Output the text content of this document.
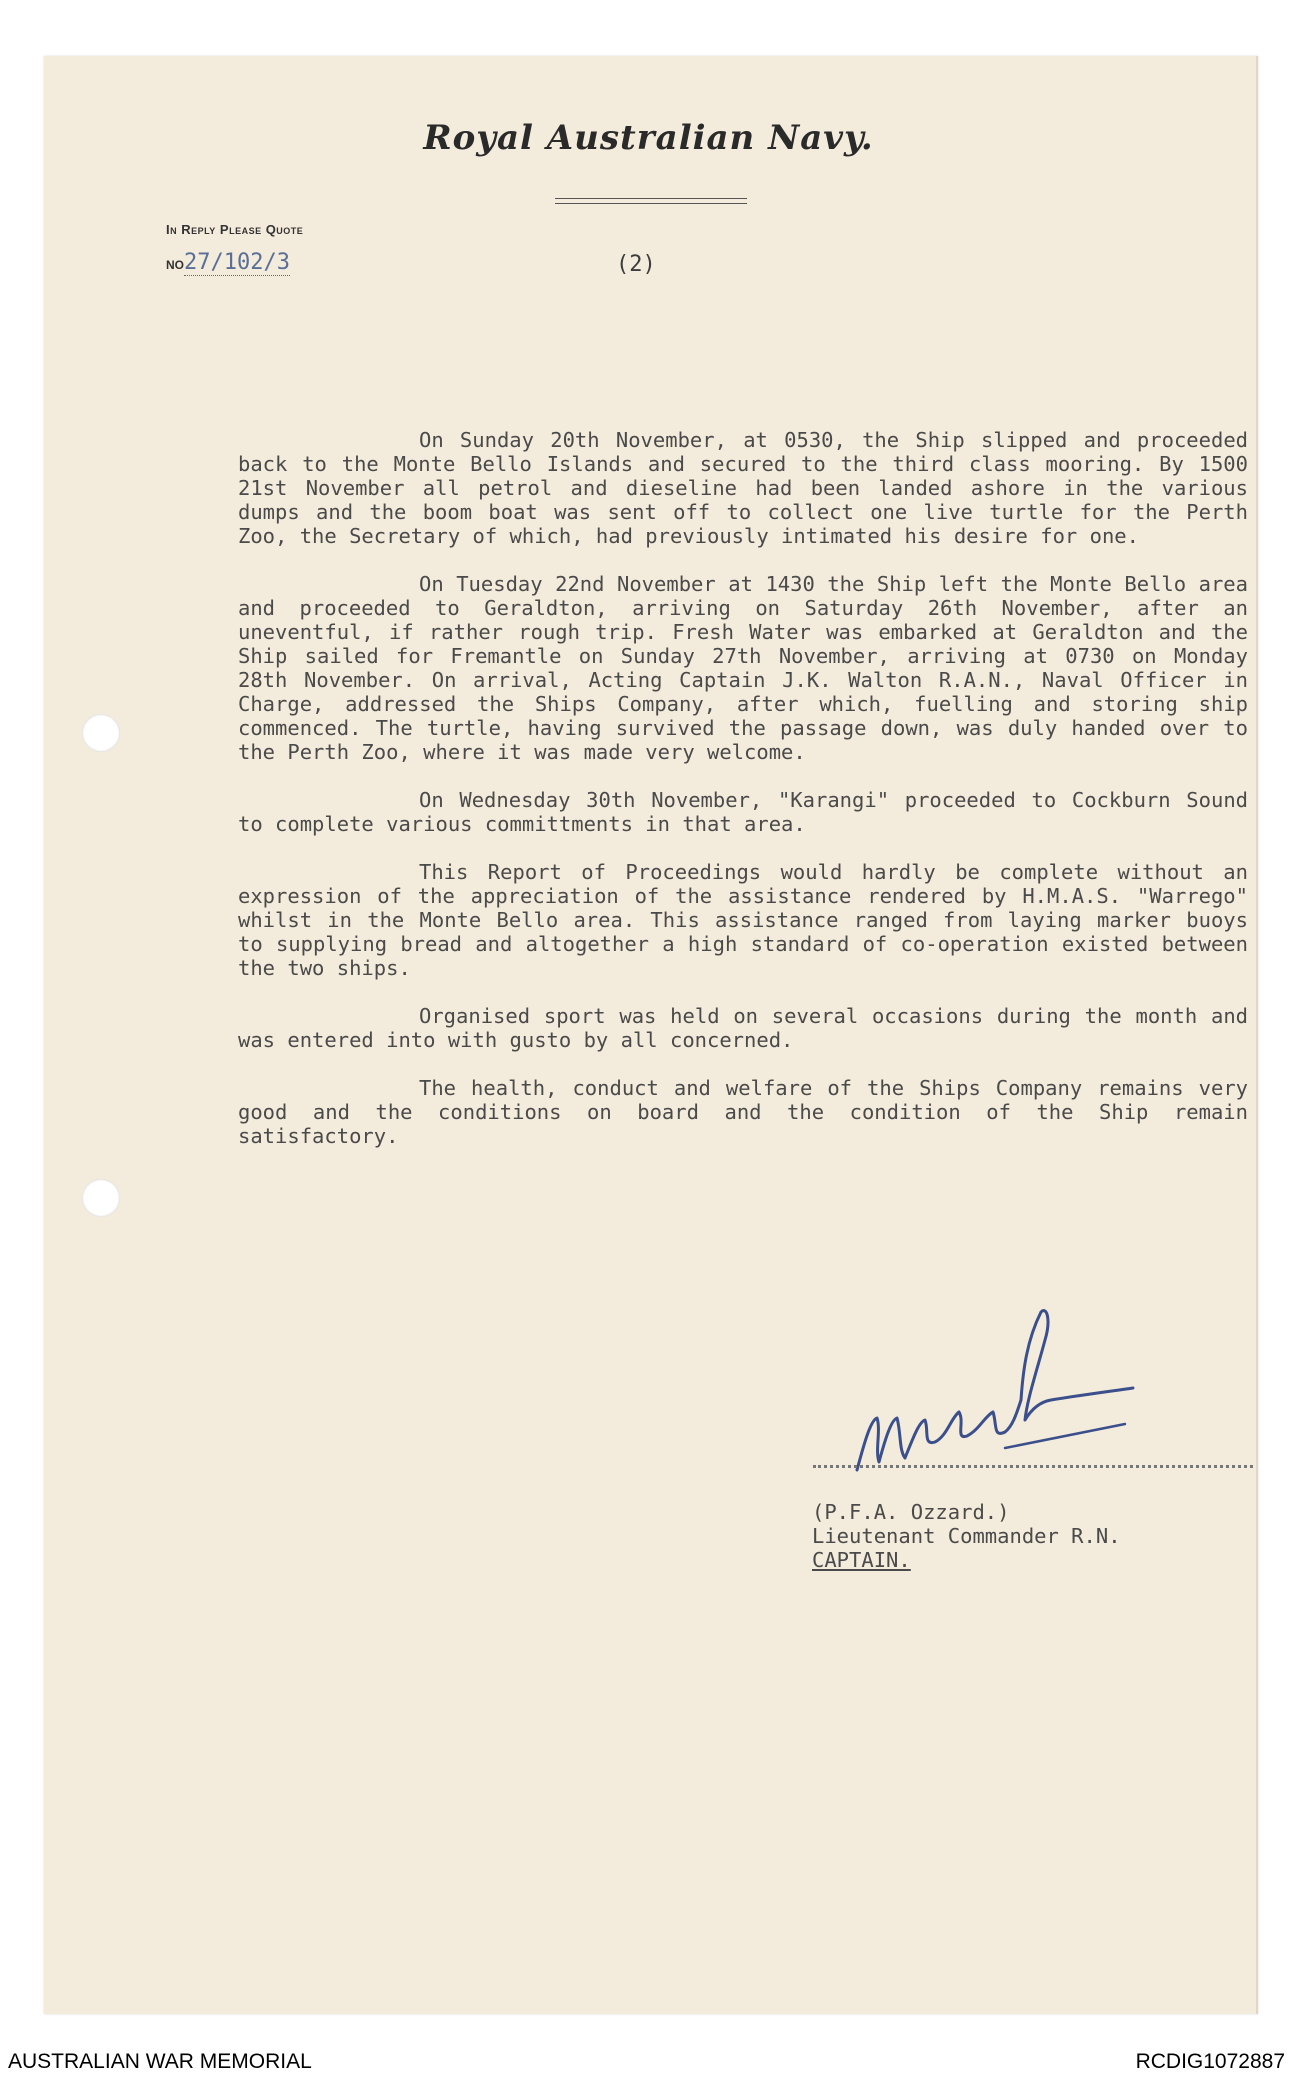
Royal Australian Navy.
In Reply Please Quote
NO27/102/3	(2)

On Sunday 20th November, at 0530, the Ship slipped and proceeded back to the Monte Bello Islands and secured to the third class mooring. By 1500 21st November all petrol and dieseline had been landed ashore in the various dumps and the boom boat was sent off to collect one live turtle for the Perth Zoo, the Secretary of which, had previously intimated his desire for one.

On Tuesday 22nd November at 1430 the Ship left the Monte Bello area and proceeded to Geraldton, arriving on Saturday 26th November, after an uneventful, if rather rough trip. Fresh Water was embarked at Geraldton and the Ship sailed for Fremantle on Sunday 27th November, arriving at 0730 on Monday 28th November. On arrival, Acting Captain J.K. Walton R.A.N., Naval Officer in Charge, addressed the Ships Company, after which, fuelling and storing ship commenced. The turtle, having survived the passage down, was duly handed over to the Perth Zoo, where it was made very welcome.

On Wednesday 30th November, "Karangi" proceeded to Cockburn Sound to complete various committments in that area.

This Report of Proceedings would hardly be complete without an expression of the appreciation of the assistance rendered by H.M.A.S. "Warrego" whilst in the Monte Bello area. This assistance ranged from laying marker buoys to supplying bread and altogether a high standard of co-operation existed between the two ships.

Organised sport was held on several occasions during the month and was entered into with gusto by all concerned.

The health, conduct and welfare of the Ships Company remains very good and the conditions on board and the condition of the Ship remain satisfactory.

(P.F.A. Ozzard.)
Lieutenant Commander R.N.
CAPTAIN.
AUSTRALIAN WAR MEMORIAL	RCDIG1072887
